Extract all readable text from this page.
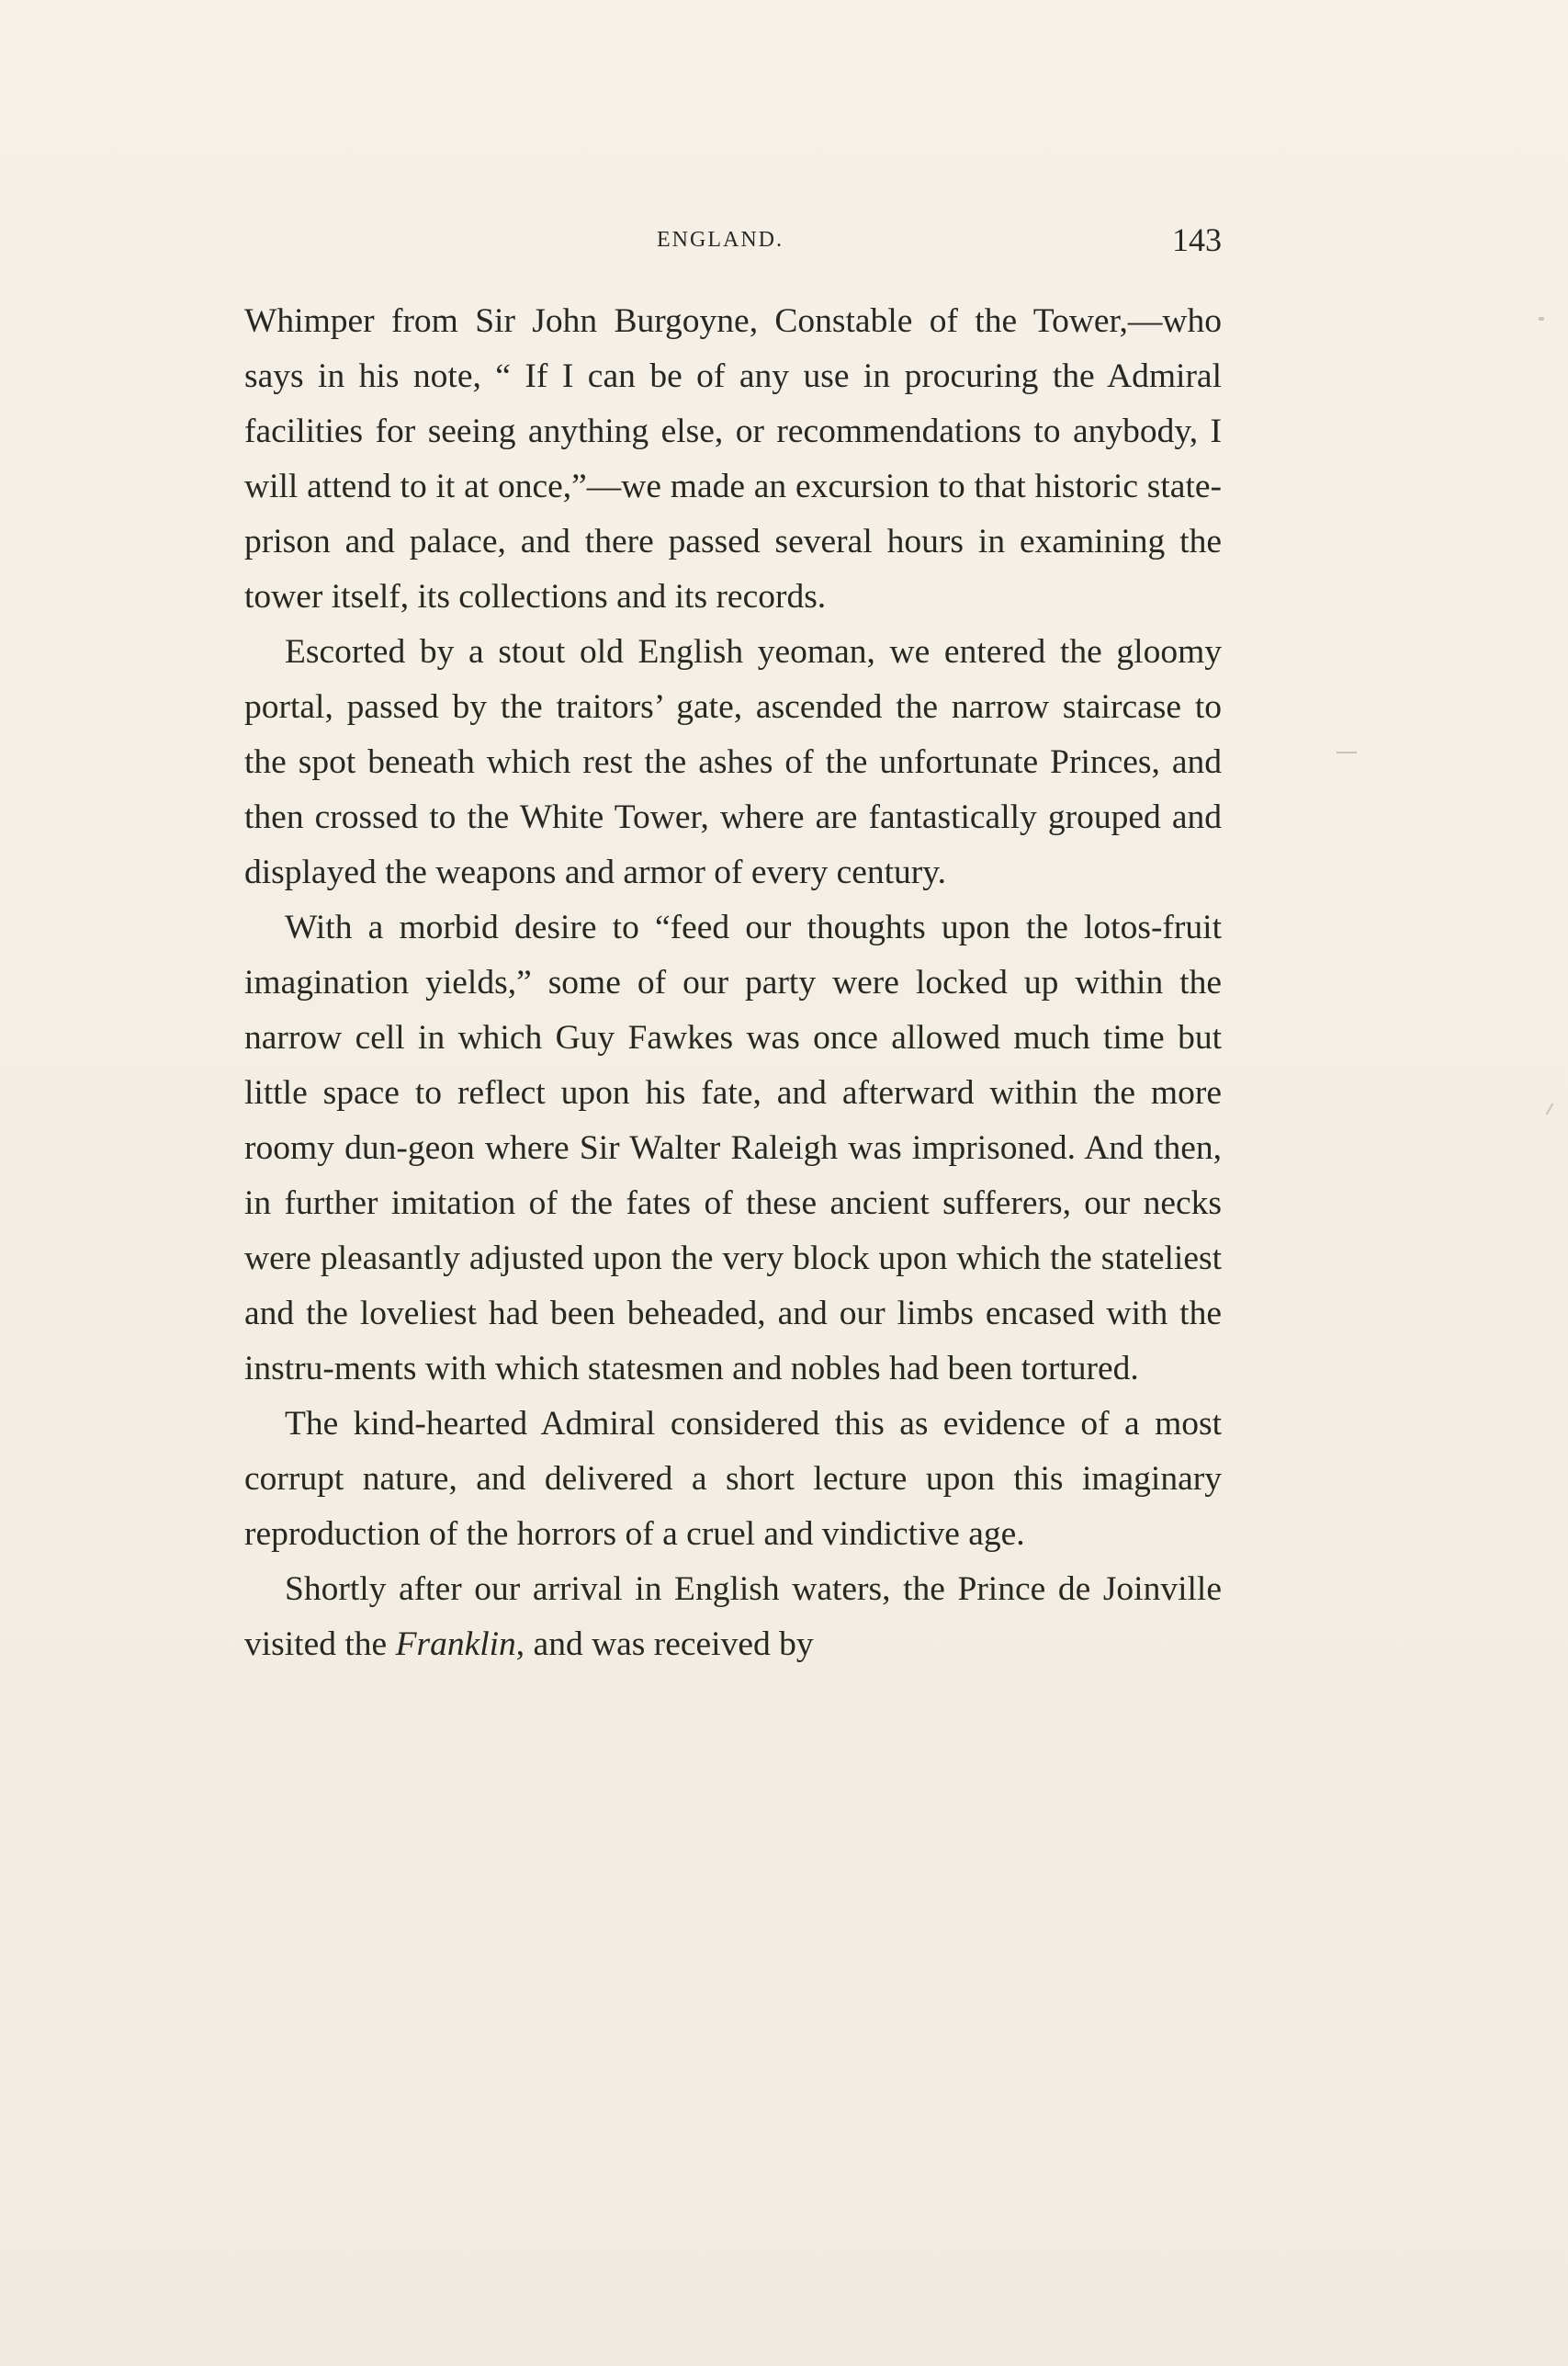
ENGLAND.	143

Whimper from Sir John Burgoyne, Constable of the Tower,—who says in his note, “ If I can be of any use in procuring the Admiral facilities for seeing anything else, or recommendations to anybody, I will attend to it at once,”—we made an excursion to that historic state-prison and palace, and there passed several hours in examining the tower itself, its collections and its records.

Escorted by a stout old English yeoman, we entered the gloomy portal, passed by the traitors’ gate, ascended the narrow staircase to the spot beneath which rest the ashes of the unfortunate Princes, and then crossed to the White Tower, where are fantastically grouped and displayed the weapons and armor of every century.

With a morbid desire to “feed our thoughts upon the lotos-fruit imagination yields,” some of our party were locked up within the narrow cell in which Guy Fawkes was once allowed much time but little space to reflect upon his fate, and afterward within the more roomy dun-geon where Sir Walter Raleigh was imprisoned. And then, in further imitation of the fates of these ancient sufferers, our necks were pleasantly adjusted upon the very block upon which the stateliest and the loveliest had been beheaded, and our limbs encased with the instru-ments with which statesmen and nobles had been tortured.

The kind-hearted Admiral considered this as evidence of a most corrupt nature, and delivered a short lecture upon this imaginary reproduction of the horrors of a cruel and vindictive age.

Shortly after our arrival in English waters, the Prince de Joinville visited the Franklin, and was received by
